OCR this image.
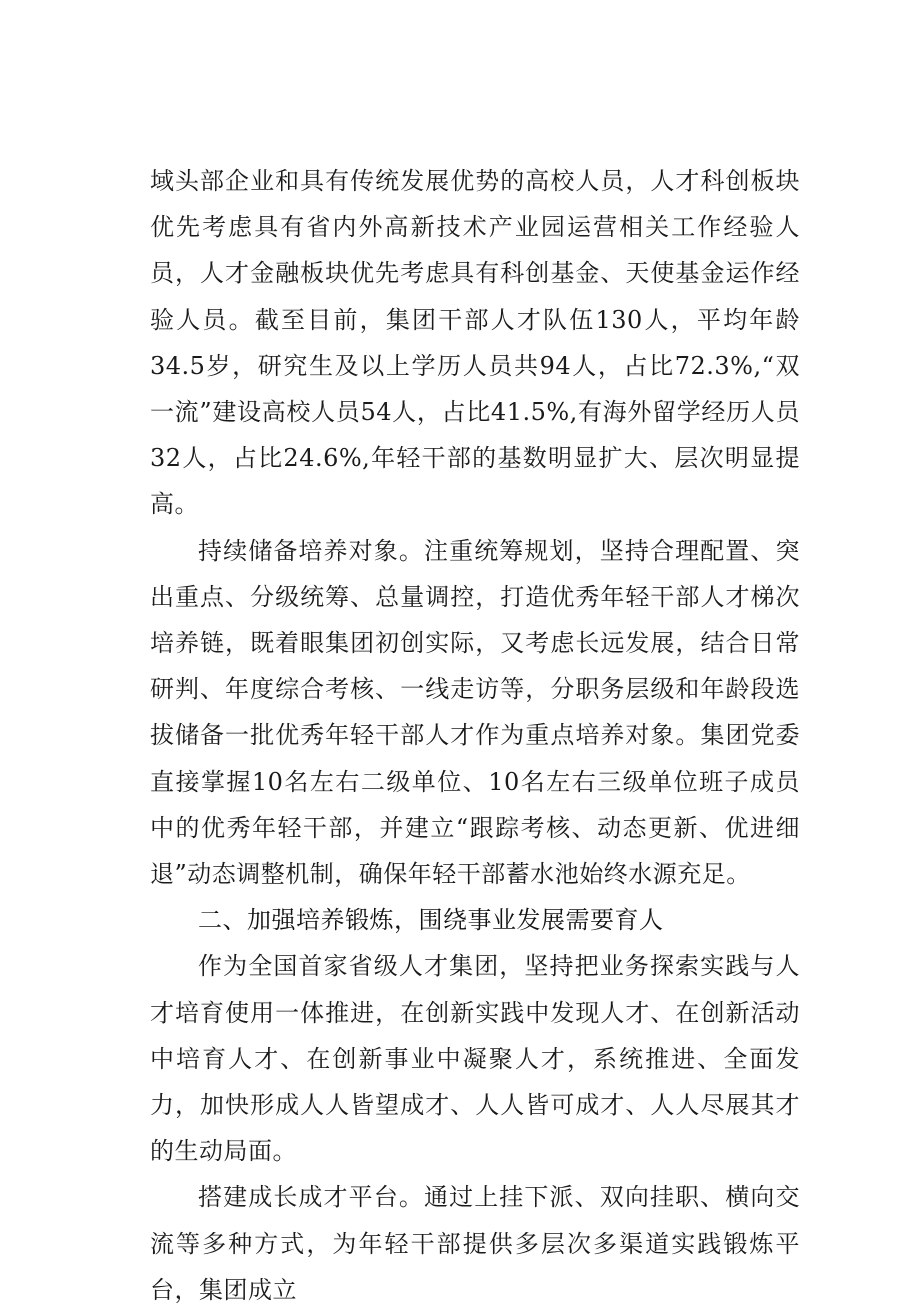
域头部企业和具有传统发展优势的高校人员，人才科创板块优先考虑具有省内外高新技术产业园运营相关工作经验人员，人才金融板块优先考虑具有科创基金、天使基金运作经验人员。截至目前，集团干部人才队伍130人，平均年龄34.5岁，研究生及以上学历人员共94人，占比72.3%,“双一流”建设高校人员54人，占比41.5%,有海外留学经历人员32人，占比24.6%,年轻干部的基数明显扩大、层次明显提高。

持续储备培养对象。注重统筹规划，坚持合理配置、突出重点、分级统筹、总量调控，打造优秀年轻干部人才梯次培养链，既着眼集团初创实际，又考虑长远发展，结合日常研判、年度综合考核、一线走访等，分职务层级和年龄段选拔储备一批优秀年轻干部人才作为重点培养对象。集团党委直接掌握10名左右二级单位、10名左右三级单位班子成员中的优秀年轻干部，并建立“跟踪考核、动态更新、优进细退”动态调整机制，确保年轻干部蓄水池始终水源充足。

二、加强培养锻炼，围绕事业发展需要育人

作为全国首家省级人才集团，坚持把业务探索实践与人才培育使用一体推进，在创新实践中发现人才、在创新活动中培育人才、在创新事业中凝聚人才，系统推进、全面发力，加快形成人人皆望成才、人人皆可成才、人人尽展其才的生动局面。

搭建成长成才平台。通过上挂下派、双向挂职、横向交流等多种方式，为年轻干部提供多层次多渠道实践锻炼平台，集团成立
